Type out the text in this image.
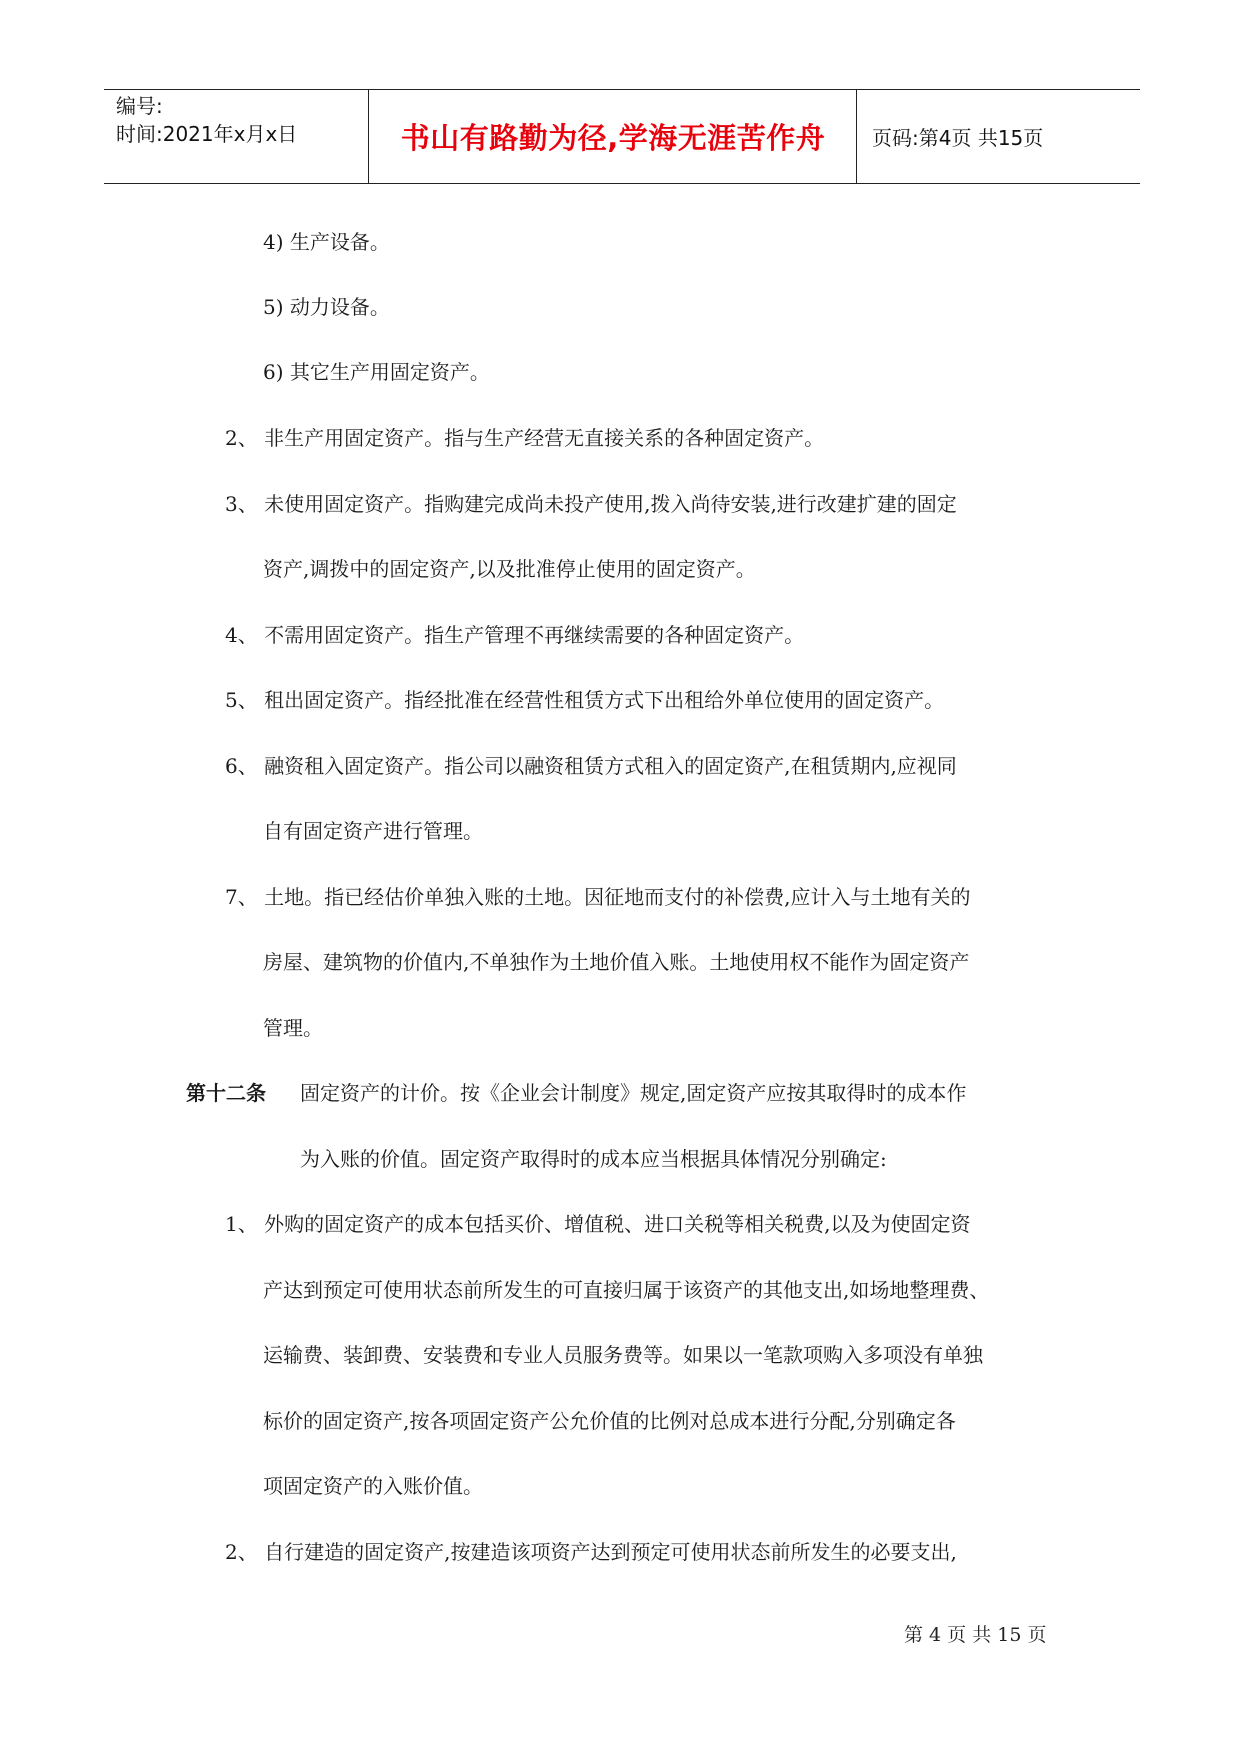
编号:
时间:2021年x月x日	书山有路勤为径,学海无涯苦作舟	页码:第4页 共15页
4) 生产设备。
5) 动力设备。
6) 其它生产用固定资产。
2、 非生产用固定资产。指与生产经营无直接关系的各种固定资产。
3、 未使用固定资产。指购建完成尚未投产使用,拨入尚待安装,进行改建扩建的固定
资产,调拨中的固定资产,以及批准停止使用的固定资产。
4、 不需用固定资产。指生产管理不再继续需要的各种固定资产。
5、 租出固定资产。指经批准在经营性租赁方式下出租给外单位使用的固定资产。
6、 融资租入固定资产。指公司以融资租赁方式租入的固定资产,在租赁期内,应视同
自有固定资产进行管理。
7、 土地。指已经估价单独入账的土地。因征地而支付的补偿费,应计入与土地有关的
房屋、建筑物的价值内,不单独作为土地价值入账。土地使用权不能作为固定资产
管理。
第十二条 固定资产的计价。按《企业会计制度》规定,固定资产应按其取得时的成本作
为入账的价值。固定资产取得时的成本应当根据具体情况分别确定:
1、 外购的固定资产的成本包括买价、增值税、进口关税等相关税费,以及为使固定资
产达到预定可使用状态前所发生的可直接归属于该资产的其他支出,如场地整理费、
运输费、装卸费、安装费和专业人员服务费等。如果以一笔款项购入多项没有单独
标价的固定资产,按各项固定资产公允价值的比例对总成本进行分配,分别确定各
项固定资产的入账价值。
2、 自行建造的固定资产,按建造该项资产达到预定可使用状态前所发生的必要支出,
第 4 页 共 15 页
